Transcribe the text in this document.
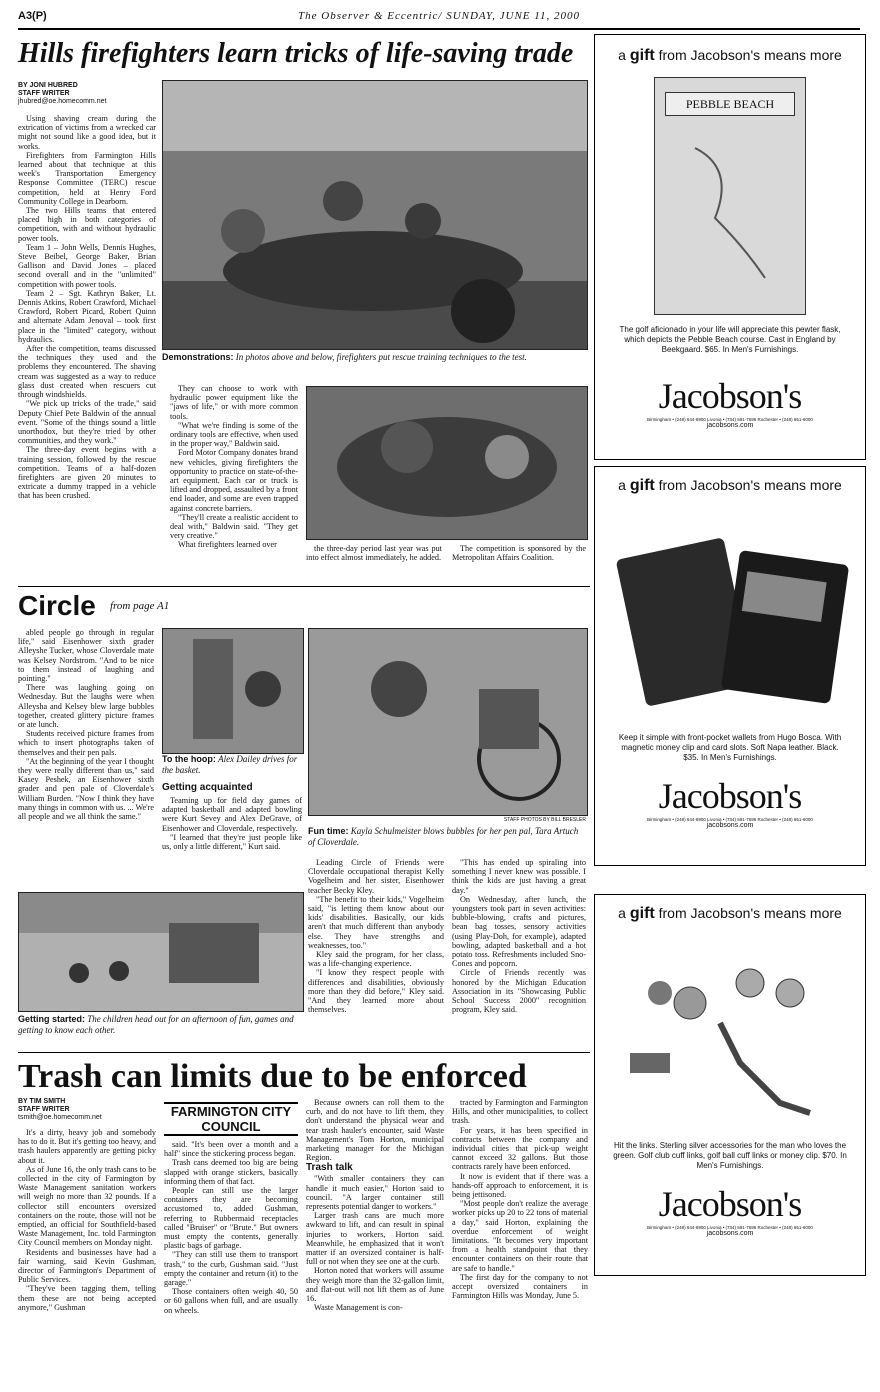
A3(P)	The Observer & Eccentric/ SUNDAY, JUNE 11, 2000
Hills firefighters learn tricks of life-saving trade
BY JONI HUBRED
STAFF WRITER
jhubred@oe.homecomm.net

Using shaving cream during the extrication of victims from a wrecked car might not sound like a good idea, but it works.

Firefighters from Farmington Hills learned about that technique at this week's Transportation Emergency Response Committee (TERC) rescue competition, held at Henry Ford Community College in Dearborn.

The two Hills teams that entered placed high in both categories of competition, with and without hydraulic power tools.

Team 1 – John Wells, Dennis Hughes, Steve Beibel, George Baker, Brian Gallison and David Jones – placed second overall and in the "unlimited" competition with power tools.

Team 2 – Sgt. Kathryn Baker, Lt. Dennis Atkins, Robert Crawford, Michael Crawford, Robert Picard, Robert Quinn and alternate Adam Jenoval – took first place in the "limited" category, without hydraulics.

After the competition, teams discussed the techniques they used and the problems they encountered. The shaving cream was suggested as a way to reduce glass dust created when rescuers cut through windshields.

"We pick up tricks of the trade," said Deputy Chief Pete Baldwin of the annual event. "Some of the things sound a little unorthodox, but they're tried by other communities, and they work."

The three-day event begins with a training session, followed by the rescue competition. Teams of a half-dozen firefighters are given 20 minutes to extricate a dummy trapped in a vehicle that has been crushed.

Demonstrations: In photos above and below, firefighters put rescue training techniques to the test.

They can choose to work with hydraulic power equipment like the "jaws of life," or with more common tools.

"What we're finding is some of the ordinary tools are effective, when used in the proper way," Baldwin said.

Ford Motor Company donates brand new vehicles, giving firefighters the opportunity to practice on state-of-the-art equipment. Each car or truck is lifted and dropped, assaulted by a front end loader, and some are even trapped against concrete barriers.

"They'll create a realistic accident to deal with," Baldwin said. "They get very creative."

What firefighters learned over	the three-day period last year was put into effect almost immediately, he added.

The competition is sponsored by the Metropolitan Affairs Coalition.

Circle from page A1

abled people go through in regular life," said Eisenhower sixth grader Alleyshe Tucker, whose Cloverdale mate was Kelsey Nordstrom. "And to be nice to them instead of laughing and pointing."

There was laughing going on Wednesday. But the laughs were when Alleysha and Kelsey blew large bubbles together, created glittery picture frames or ate lunch.

Students received picture frames from which to insert photographs taken of themselves and their pen pals.

"At the beginning of the year I thought they were really different than us," said Kasey Peshek, an Eisenhower sixth grader and pen pale of Cloverdale's William Burden. "Now I think they have many things in common with us. ... We're all people and we all think the same."

To the hoop: Alex Dailey drives for the basket.
Getting acquainted

Teaming up for field day games of adapted basketball and adapted bowling were Kurt Sevey and Alex DeGrave, of Eisenhower and Cloverdale, respectively.

"I learned that they're just people like us, only a little different," Kurt said.

STAFF PHOTOS BY BILL BRESLER
Fun time: Kayla Schulmeister blows bubbles for her pen pal, Tara Artuch of Cloverdale.

Leading Circle of Friends were Cloverdale occupational therapist Kelly Vogelheim and her sister, Eisenhower teacher Becky Kley.

"The benefit to their kids," Vogelheim said, "is letting them know about our kids' disabilities. Basically, our kids aren't that much different than anybody else. They have strengths and weaknesses, too."

Kley said the program, for her class, was a life-changing experience.

"I know they respect people with differences and disabilities, obviously more than they did before," Kley said. "And they learned more about themselves.

"This has ended up spiraling into something I never knew was possible. I think the kids are just having a great day."

On Wednesday, after lunch, the youngsters took part in seven activities: bubble-blowing, crafts and pictures, bean bag tosses, sensory activities (using Play-Doh, for example), adapted bowling, adapted basketball and a hot potato toss. Refreshments included Sno-Cones and popcorn.

Circle of Friends recently was honored by the Michigan Education Association in its "Showcasing Public School Success 2000" recognition program, Kley said.

Getting started: The children head out for an afternoon of fun, games and getting to know each other.
Trash can limits due to be enforced
BY TIM SMITH
STAFF WRITER
tsmith@oe.homecomm.net

It's a dirty, heavy job and somebody has to do it. But it's getting too heavy, and trash haulers apparently are getting picky about it.

As of June 16, the only trash cans to be collected in the city of Farmington by Waste Management sanitation workers will weigh no more than 32 pounds. If a collector still encounters oversized containers on the route, those will not be emptied, an official for Southfield-based Waste Management, Inc. told Farmington City Council members on Monday night.

Residents and businesses have had a fair warning, said Kevin Gushman, director of Farmington's Department of Public Services.

"They've been tagging them, telling them these are not being accepted anymore," Gushman

FARMINGTON CITY COUNCIL

said. "It's been over a month and a half" since the stickering process began.

Trash cans deemed too big are being slapped with orange stickers, basically informing them of that fact.

People can still use the larger containers they are becoming accustomed to, added Gushman, referring to Rubbermaid receptacles called "Bruiser" or "Brute." But owners must empty the contents, generally plastic bags of garbage.

"They can still use them to transport trash," to the curb, Gushman said. "Just empty the container and return (it) to the garage."

Those containers often weigh 40, 50 or 60 gallons when full, and are usually on wheels.

Because owners can roll them to the curb, and do not have to lift them, they don't understand the physical wear and tear trash hauler's encounter, said Waste Management's Tom Horton, municipal marketing manager for the Michigan Region.

Trash talk

"With smaller containers they can handle it much easier," Horton said to council. "A larger container still represents potential danger to workers."

Larger trash cans are much more awkward to lift, and can result in spinal injuries to workers, Horton said. Meanwhile, he emphasized that it won't matter if an oversized container is half-full or not when they see one at the curb.

Horton noted that workers will assume they weigh more than the 32-gallon limit, and flat-out will not lift them as of June 16.

Waste Management is con-

tracted by Farmington and Farmington Hills, and other municipalities, to collect trash.

For years, it has been specified in contracts between the company and individual cities that pick-up weight cannot exceed 32 gallons. But those contracts rarely have been enforced.

It now is evident that if there was a hands-off approach to enforcement, it is being jettisoned.

"Most people don't realize the average worker picks up 20 to 22 tons of material a day," said Horton, explaining the overdue enforcement of weight limitations. "It becomes very important from a health standpoint that they encounter containers on their route that are safe to handle."

The first day for the company to not accept oversized containers in Farmington Hills was Monday, June 5.

a gift from Jacobson's means more
PEBBLE BEACH
The golf aficionado in your life will appreciate this pewter flask, which depicts the Pebble Beach course. Cast in England by Beekgaard. $65. In Men's Furnishings.
Jacobson's
Birmingham • (248) 644-6900 Livonia • (734) 591-7696 Rochester • (248) 651-6000
jacobsons.com
a gift from Jacobson's means more
Keep it simple with front-pocket wallets from Hugo Bosca. With magnetic money clip and card slots. Soft Napa leather. Black. $35. In Men's Furnishings.
Jacobson's
Birmingham • (248) 644-6900 Livonia • (734) 591-7696 Rochester • (248) 651-6000
jacobsons.com
a gift from Jacobson's means more
Hit the links. Sterling silver accessories for the man who loves the green. Golf club cuff links, golf ball cuff links or money clip. $70. In Men's Furnishings.
Jacobson's
Birmingham • (248) 644-6900 Livonia • (734) 591-7696 Rochester • (248) 651-6000
jacobsons.com
